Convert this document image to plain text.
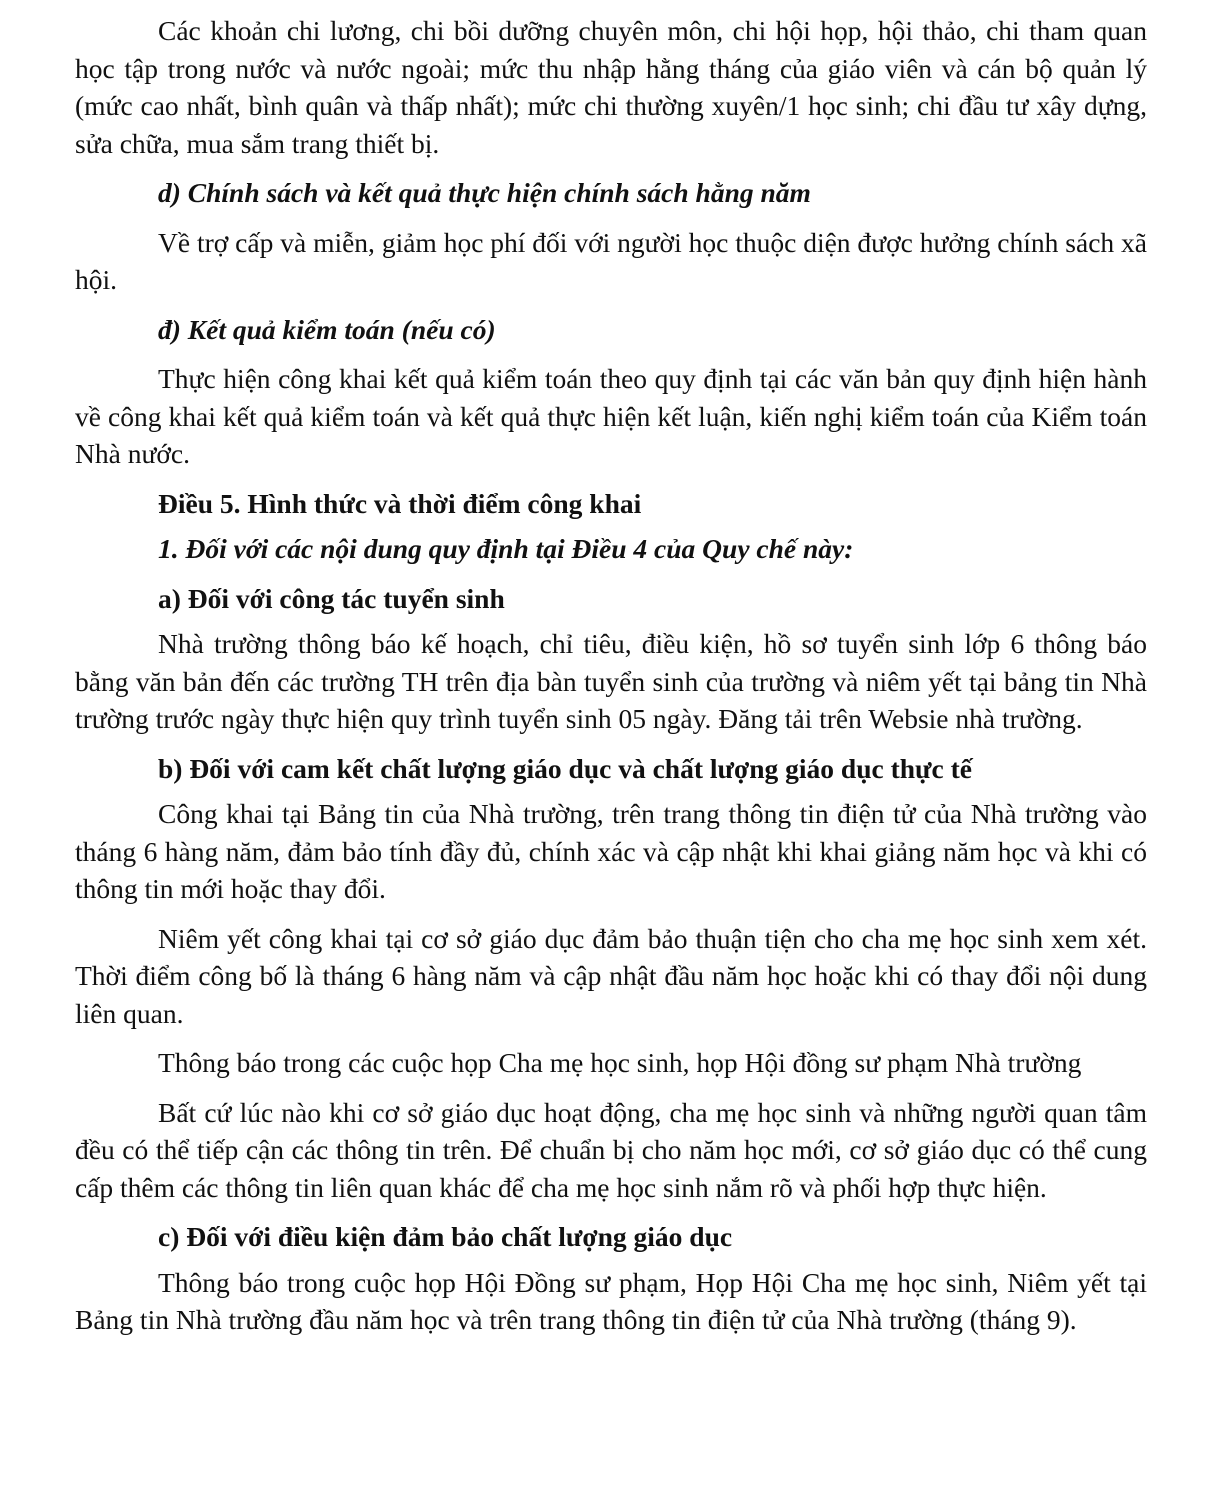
Các khoản chi lương, chi bồi dưỡng chuyên môn, chi hội họp, hội thảo, chi tham quan học tập trong nước và nước ngoài; mức thu nhập hằng tháng của giáo viên và cán bộ quản lý (mức cao nhất, bình quân và thấp nhất); mức chi thường xuyên/1 học sinh; chi đầu tư xây dựng, sửa chữa, mua sắm trang thiết bị.

d) Chính sách và kết quả thực hiện chính sách hằng năm

Về trợ cấp và miễn, giảm học phí đối với người học thuộc diện được hưởng chính sách xã hội.

đ) Kết quả kiểm toán (nếu có)

Thực hiện công khai kết quả kiểm toán theo quy định tại các văn bản quy định hiện hành về công khai kết quả kiểm toán và kết quả thực hiện kết luận, kiến nghị kiểm toán của Kiểm toán Nhà nước.

Điều 5. Hình thức và thời điểm công khai

1. Đối với các nội dung quy định tại Điều 4 của Quy chế này:

a) Đối với công tác tuyển sinh

Nhà trường thông báo kế hoạch, chỉ tiêu, điều kiện, hồ sơ tuyển sinh lớp 6 thông báo bằng văn bản đến các trường TH trên địa bàn tuyển sinh của trường và niêm yết tại bảng tin Nhà trường trước ngày thực hiện quy trình tuyển sinh 05 ngày. Đăng tải trên Websie nhà trường.

b) Đối với cam kết chất lượng giáo dục và chất lượng giáo dục thực tế

Công khai tại Bảng tin của Nhà trường, trên trang thông tin điện tử của Nhà trường vào tháng 6 hàng năm, đảm bảo tính đầy đủ, chính xác và cập nhật khi khai giảng năm học và khi có thông tin mới hoặc thay đổi.

Niêm yết công khai tại cơ sở giáo dục đảm bảo thuận tiện cho cha mẹ học sinh xem xét. Thời điểm công bố là tháng 6 hàng năm và cập nhật đầu năm học hoặc khi có thay đổi nội dung liên quan.

Thông báo trong các cuộc họp Cha mẹ học sinh, họp Hội đồng sư phạm Nhà trường

Bất cứ lúc nào khi cơ sở giáo dục hoạt động, cha mẹ học sinh và những người quan tâm đều có thể tiếp cận các thông tin trên. Để chuẩn bị cho năm học mới, cơ sở giáo dục có thể cung cấp thêm các thông tin liên quan khác để cha mẹ học sinh nắm rõ và phối hợp thực hiện.

c) Đối với điều kiện đảm bảo chất lượng giáo dục

Thông báo trong cuộc họp Hội Đồng sư phạm, Họp Hội Cha mẹ học sinh, Niêm yết tại Bảng tin Nhà trường đầu năm học và trên trang thông tin điện tử của Nhà trường (tháng 9).
